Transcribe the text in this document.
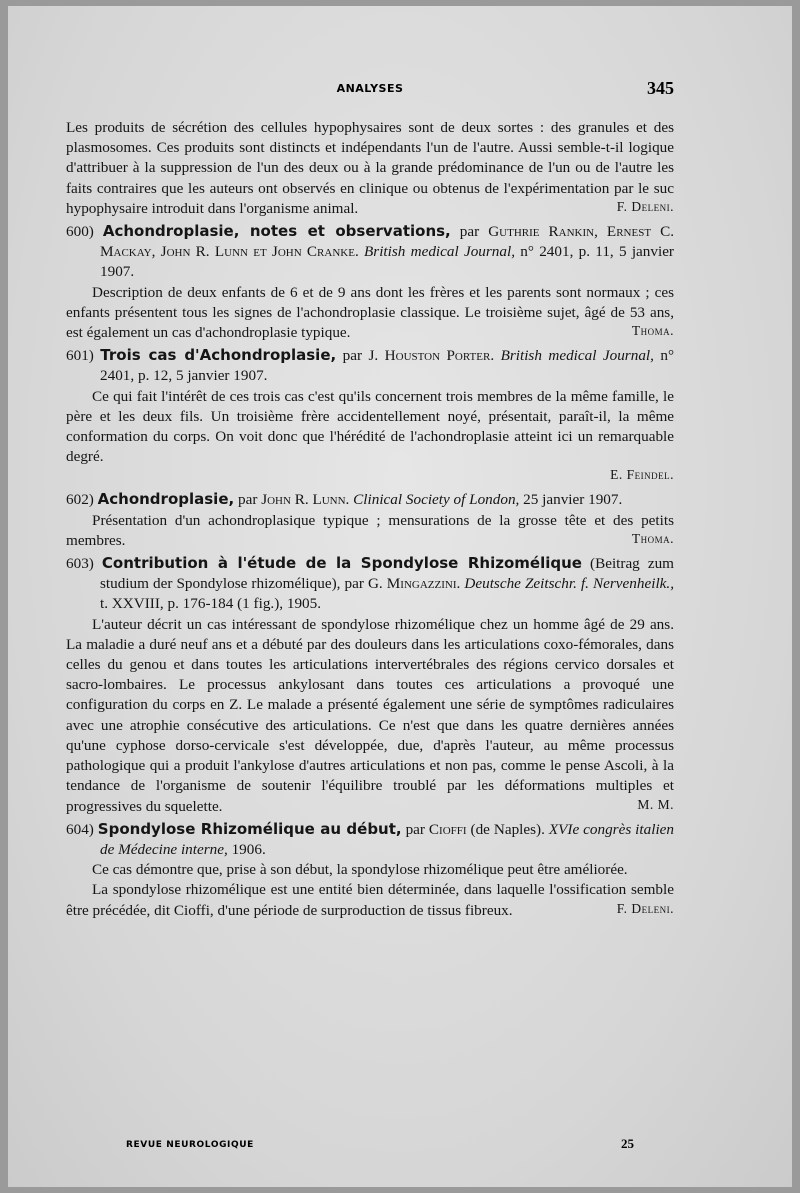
ANALYSES	345

Les produits de sécrétion des cellules hypophysaires sont de deux sortes : des granules et des plasmosomes. Ces produits sont distincts et indépendants l'un de l'autre. Aussi semble-t-il logique d'attribuer à la suppression de l'un des deux ou à la grande prédominance de l'un ou de l'autre les faits contraires que les auteurs ont observés en clinique ou obtenus de l'expérimentation par le suc hypophysaire introduit dans l'organisme animal.	F. Deleni.
600) Achondroplasie, notes et observations, par Guthrie Rankin, Ernest C. Mackay, John R. Lunn et John Cranke. British medical Journal, n° 2401, p. 11, 5 janvier 1907.

Description de deux enfants de 6 et de 9 ans dont les frères et les parents sont normaux ; ces enfants présentent tous les signes de l'achondroplasie classique. Le troisième sujet, âgé de 53 ans, est également un cas d'achondroplasie typique.	Thoma.
601) Trois cas d'Achondroplasie, par J. Houston Porter. British medical Journal, n° 2401, p. 12, 5 janvier 1907.

Ce qui fait l'intérêt de ces trois cas c'est qu'ils concernent trois membres de la même famille, le père et les deux fils. Un troisième frère accidentellement noyé, présentait, paraît-il, la même conformation du corps. On voit donc que l'hérédité de l'achondroplasie atteint ici un remarquable degré.

E. Feindel.
602) Achondroplasie, par John R. Lunn. Clinical Society of London, 25 janvier 1907.

Présentation d'un achondroplasique typique ; mensurations de la grosse tête et des petits membres.	Thoma.
603) Contribution à l'étude de la Spondylose Rhizomélique (Beitrag zum studium der Spondylose rhizomélique), par G. Mingazzini. Deutsche Zeitschr. f. Nervenheilk., t. XXVIII, p. 176-184 (1 fig.), 1905.

L'auteur décrit un cas intéressant de spondylose rhizomélique chez un homme âgé de 29 ans. La maladie a duré neuf ans et a débuté par des douleurs dans les articulations coxo-fémorales, dans celles du genou et dans toutes les articulations intervertébrales des régions cervico dorsales et sacro-lombaires. Le processus ankylosant dans toutes ces articulations a provoqué une configuration du corps en Z. Le malade a présenté également une série de symptômes radiculaires avec une atrophie consécutive des articulations. Ce n'est que dans les quatre dernières années qu'une cyphose dorso-cervicale s'est développée, due, d'après l'auteur, au même processus pathologique qui a produit l'ankylose d'autres articulations et non pas, comme le pense Ascoli, à la tendance de l'organisme de soutenir l'équilibre troublé par les déformations multiples et progressives du squelette.	M. M.
604) Spondylose Rhizomélique au début, par Cioffi (de Naples). XVIe congrès italien de Médecine interne, 1906.

Ce cas démontre que, prise à son début, la spondylose rhizomélique peut être améliorée.

La spondylose rhizomélique est une entité bien déterminée, dans laquelle l'ossification semble être précédée, dit Cioffi, d'une période de surproduction de tissus fibreux.	F. Deleni.
REVUE NEUROLOGIQUE	25
